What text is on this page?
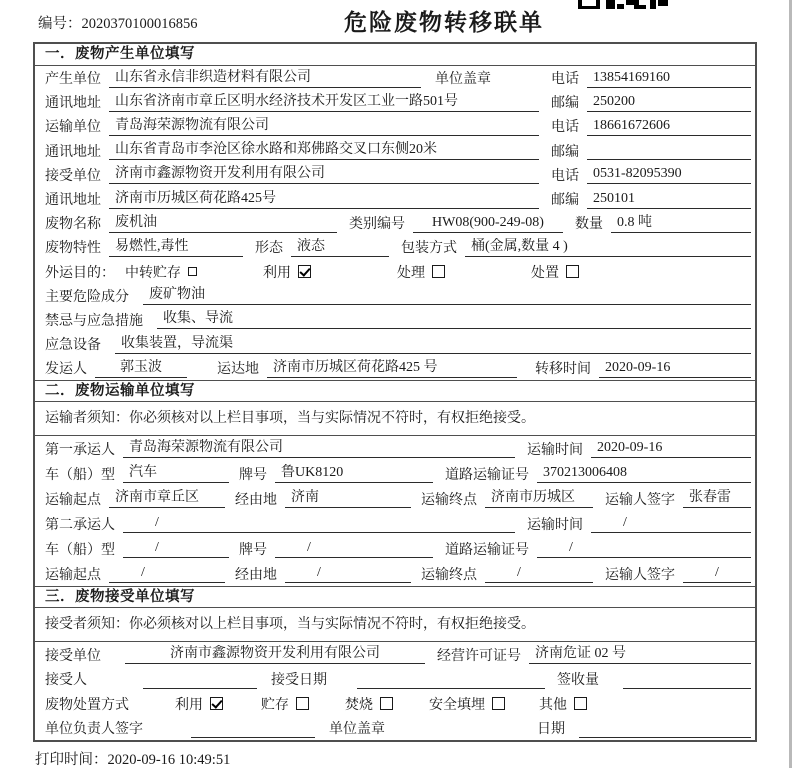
编号：2020370100016856	危险废物转移联单
一．废物产生单位填写
产生单位	山东省永信非织造材料有限公司	单位盖章	电话	13854169160
通讯地址	山东省济南市章丘区明水经济技术开发区工业一路501号	邮编	250200
运输单位	青岛海荣源物流有限公司	电话	18661672606
通讯地址	山东省青岛市李沧区徐水路和郑佛路交叉口东侧20米	邮编
接受单位	济南市鑫源物资开发利用有限公司	电话	0531-82095390
通讯地址	济南市历城区荷花路425号	邮编	250101
废物名称	废机油	类别编号	HW08(900-249-08)	数量	0.8 吨
废物特性	易燃性,毒性	形态	液态	包装方式	桶(金属,数量 4 )
外运目的： 中转贮存	利用	处理	处置
主要危险成分	废矿物油
禁忌与应急措施	收集、导流
应急设备	收集装置，导流渠
发运人	郭玉波	运达地	济南市历城区荷花路425 号	转移时间	2020-09-16
二．废物运输单位填写
运输者须知：你必须核对以上栏目事项，当与实际情况不符时，有权拒绝接受。
第一承运人	青岛海荣源物流有限公司	运输时间	2020-09-16
车（船）型	汽车	牌号	鲁UK8120	道路运输证号	370213006408
运输起点	济南市章丘区	经由地	济南	运输终点	济南市历城区	运输人签字	张春雷
第二承运人	/	运输时间	/
车（船）型	/	牌号	/	道路运输证号	/
运输起点	/	经由地	/	运输终点	/	运输人签字	/
三．废物接受单位填写
接受者须知：你必须核对以上栏目事项，当与实际情况不符时，有权拒绝接受。
接受单位	济南市鑫源物资开发利用有限公司	经营许可证号	济南危证 02 号
接受人	接受日期	签收量
废物处置方式	利用	贮存	焚烧	安全填埋	其他
单位负责人签字	单位盖章	日期
打印时间：2020-09-16 10:49:51
